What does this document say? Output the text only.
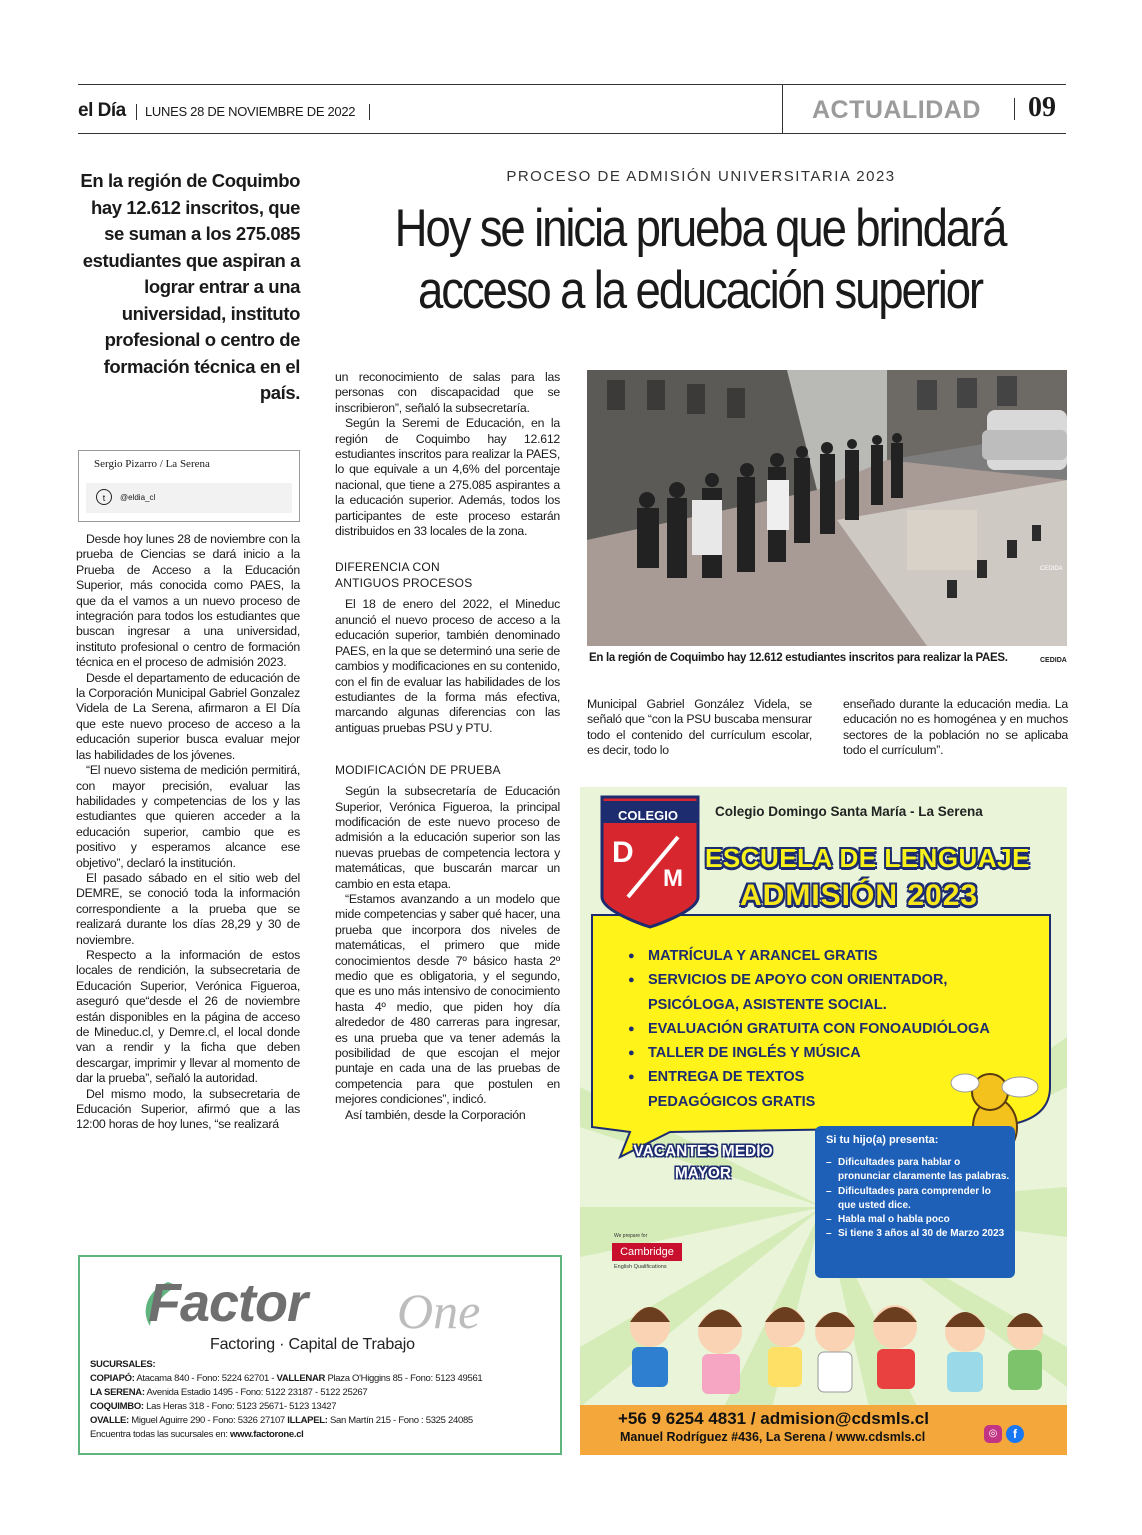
el Día LUNES 28 DE NOVIEMBRE DE 2022	ACTUALIDAD 09
En la región de Coquimbo hay 12.612 inscritos, que se suman a los 275.085 estudiantes que aspiran a lograr entrar a una universidad, instituto profesional o centro de formación técnica en el país.
PROCESO DE ADMISIÓN UNIVERSITARIA 2023
Hoy se inicia prueba que brindará acceso a la educación superior
Sergio Pizarro / La Serena
t	@eldia_cl

Desde hoy lunes 28 de noviembre con la prueba de Ciencias se dará inicio a la Prueba de Acceso a la Educación Superior, más conocida como PAES, la que da el vamos a un nuevo proceso de integración para todos los estudiantes que buscan ingresar a una universidad, instituto profesional o centro de formación técnica en el proceso de admisión 2023.

Desde el departamento de educación de la Corporación Municipal Gabriel Gonzalez Videla de La Serena, afirmaron a El Día que este nuevo proceso de acceso a la educación superior busca evaluar mejor las habilidades de los jóvenes.

“El nuevo sistema de medición permitirá, con mayor precisión, evaluar las habilidades y competencias de los y las estudiantes que quieren acceder a la educación superior, cambio que es positivo y esperamos alcance ese objetivo”, declaró la institución.

El pasado sábado en el sitio web del DEMRE, se conoció toda la información correspondiente a la prueba que se realizará durante los días 28,29 y 30 de noviembre.

Respecto a la información de estos locales de rendición, la subsecretaria de Educación Superior, Verónica Figueroa, aseguró que“desde el 26 de noviembre están disponibles en la página de acceso de Mineduc.cl, y Demre.cl, el local donde van a rendir y la ficha que deben descargar, imprimir y llevar al momento de dar la prueba”, señaló la autoridad.

Del mismo modo, la subsecretaria de Educación Superior, afirmó que a las 12:00 horas de hoy lunes, “se realizará

un reconocimiento de salas para las personas con discapacidad que se inscribieron”, señaló la subsecretaría.

Según la Seremi de Educación, en la región de Coquimbo hay 12.612 estudiantes inscritos para realizar la PAES, lo que equivale a un 4,6% del porcentaje nacional, que tiene a 275.085 aspirantes a la educación superior. Además, todos los participantes de este proceso estarán distribuidos en 33 locales de la zona.

DIFERENCIA CON ANTIGUOS PROCESOS

El 18 de enero del 2022, el Mineduc anunció el nuevo proceso de acceso a la educación superior, también denominado PAES, en la que se determinó una serie de cambios y modificaciones en su contenido, con el fin de evaluar las habilidades de los estudiantes de la forma más efectiva, marcando algunas diferencias con las antiguas pruebas PSU y PTU.

MODIFICACIÓN DE PRUEBA

Según la subsecretaría de Educación Superior, Verónica Figueroa, la principal modificación de este nuevo proceso de admisión a la educación superior son las nuevas pruebas de competencia lectora y matemáticas, que buscarán marcar un cambio en esta etapa.

“Estamos avanzando a un modelo que mide competencias y saber qué hacer, una prueba que incorpora dos niveles de matemáticas, el primero que mide conocimientos desde 7º básico hasta 2º medio que es obligatoria, y el segundo, que es uno más intensivo de conocimiento hasta 4º medio, que piden hoy día alrededor de 480 carreras para ingresar, es una prueba que va tener además la posibilidad de que escojan el mejor puntaje en cada una de las pruebas de competencia para que postulen en mejores condiciones”, indicó.

Así también, desde la Corporación

CEDIDA
En la región de Coquimbo hay 12.612 estudiantes inscritos para realizar la PAES.	CEDIDA
Municipal Gabriel González Videla, se señaló que “con la PSU buscaba mensurar todo el contenido del currículum escolar, es decir, todo lo
enseñado durante la educación media. La educación no es homogénea y en muchos sectores de la población no se aplicaba todo el currículum”.
Factor One
Factoring · Capital de Trabajo
SUCURSALES:
COPIAPÓ: Atacama 840 - Fono: 5224 62701 - VALLENAR Plaza O'Higgins 85 - Fono: 5123 49561
LA SERENA: Avenida Estadio 1495 - Fono: 5122 23187 - 5122 25267
COQUIMBO: Las Heras 318 - Fono: 5123 25671- 5123 13427
OVALLE: Miguel Aguirre 290 - Fono: 5326 27107 ILLAPEL: San Martín 215 - Fono : 5325 24085
Encuentra todas las sucursales en: www.factorone.cl
COLEGIO
D
M
Colegio Domingo Santa María - La Serena
ESCUELA DE LENGUAJE
ADMISIÓN 2023
● MATRÍCULA Y ARANCEL GRATIS
● SERVICIOS DE APOYO CON ORIENTADOR, PSICÓLOGA, ASISTENTE SOCIAL.
● EVALUACIÓN GRATUITA CON FONOAUDIÓLOGA
● TALLER DE INGLÉS Y MÚSICA
● ENTREGA DE TEXTOS PEDAGÓGICOS GRATIS
VACANTES MEDIO MAYOR
Si tu hijo(a) presenta:
– Dificultades para hablar o pronunciar claramente las palabras.
– Dificultades para comprender lo que usted dice.
– Habla mal o habla poco
– Si tiene 3 años al 30 de Marzo 2023
We prepare for
Cambridge
English Qualifications
+56 9 6254 4831 / admision@cdsmls.cl
Manuel Rodríguez #436, La Serena / www.cdsmls.cl	◎	f
